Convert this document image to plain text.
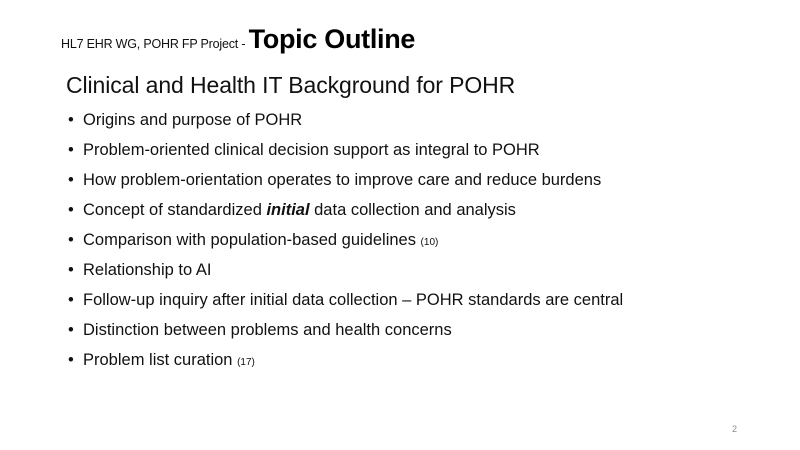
HL7 EHR WG, POHR FP Project - Topic Outline
Clinical and Health IT Background for POHR
• Origins and purpose of POHR
• Problem-oriented clinical decision support as integral to POHR
• How problem-orientation operates to improve care and reduce burdens
• Concept of standardized initial data collection and analysis
• Comparison with population-based guidelines (10)
• Relationship to AI
• Follow-up inquiry after initial data collection – POHR standards are central
• Distinction between problems and health concerns
• Problem list curation (17)
2
